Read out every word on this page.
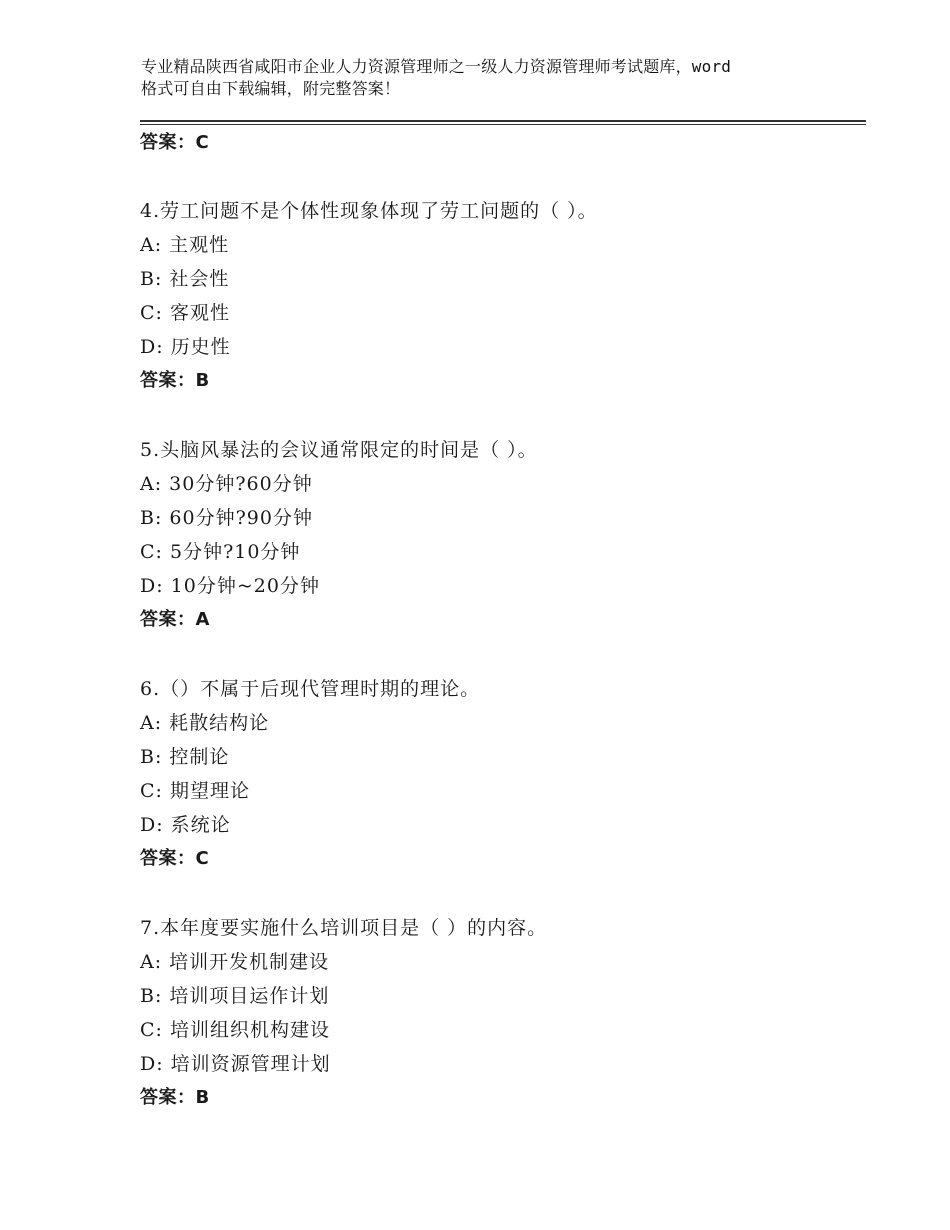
专业精品陕西省咸阳市企业人力资源管理师之一级人力资源管理师考试题库，word
格式可自由下载编辑，附完整答案！
答案：C
4.劳工问题不是个体性现象体现了劳工问题的（ ）。
A: 主观性
B: 社会性
C: 客观性
D: 历史性
答案：B
5.头脑风暴法的会议通常限定的时间是（ ）。
A: 30分钟?60分钟
B: 60分钟?90分钟
C: 5分钟?10分钟
D: 10分钟~20分钟
答案：A
6.（）不属于后现代管理时期的理论。
A: 耗散结构论
B: 控制论
C: 期望理论
D: 系统论
答案：C
7.本年度要实施什么培训项目是（ ）的内容。
A: 培训开发机制建设
B: 培训项目运作计划
C: 培训组织机构建设
D: 培训资源管理计划
答案：B
